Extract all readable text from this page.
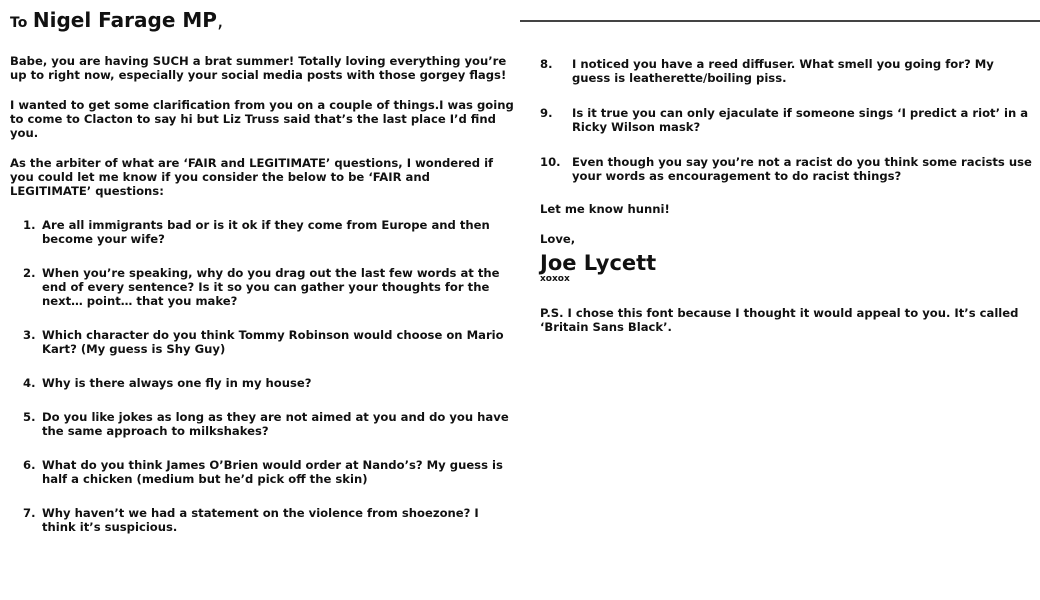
To Nigel Farage MP,

Babe, you are having SUCH a brat summer! Totally loving everything you’re up to right now, especially your social media posts with those gorgey flags!

I wanted to get some clarification from you on a couple of things.I was going to come to Clacton to say hi but Liz Truss said that’s the last place I’d find you.

As the arbiter of what are ‘FAIR and LEGITIMATE’ questions, I wondered if you could let me know if you consider the below to be ‘FAIR and LEGITIMATE’ questions:

1. Are all immigrants bad or is it ok if they come from Europe and then become your wife?
2. When you’re speaking, why do you drag out the last few words at the end of every sentence? Is it so you can gather your thoughts for the next… point… that you make?
3. Which character do you think Tommy Robinson would choose on Mario Kart? (My guess is Shy Guy)
4. Why is there always one fly in my house?
5. Do you like jokes as long as they are not aimed at you and do you have the same approach to milkshakes?
6. What do you think James O’Brien would order at Nando’s? My guess is half a chicken (medium but he’d pick off the skin)
7. Why haven’t we had a statement on the violence from shoezone? I think it’s suspicious.
8.	I noticed you have a reed diffuser. What smell you going for? My guess is leatherette/boiling piss.
9.	Is it true you can only ejaculate if someone sings ‘I predict a riot’ in a Ricky Wilson mask?
10. Even though you say you’re not a racist do you think some racists use your words as encouragement to do racist things?

Let me know hunni!

Love,

Joe Lycett
xoxox

P.S. I chose this font because I thought it would appeal to you. It’s called ‘Britain Sans Black’.
